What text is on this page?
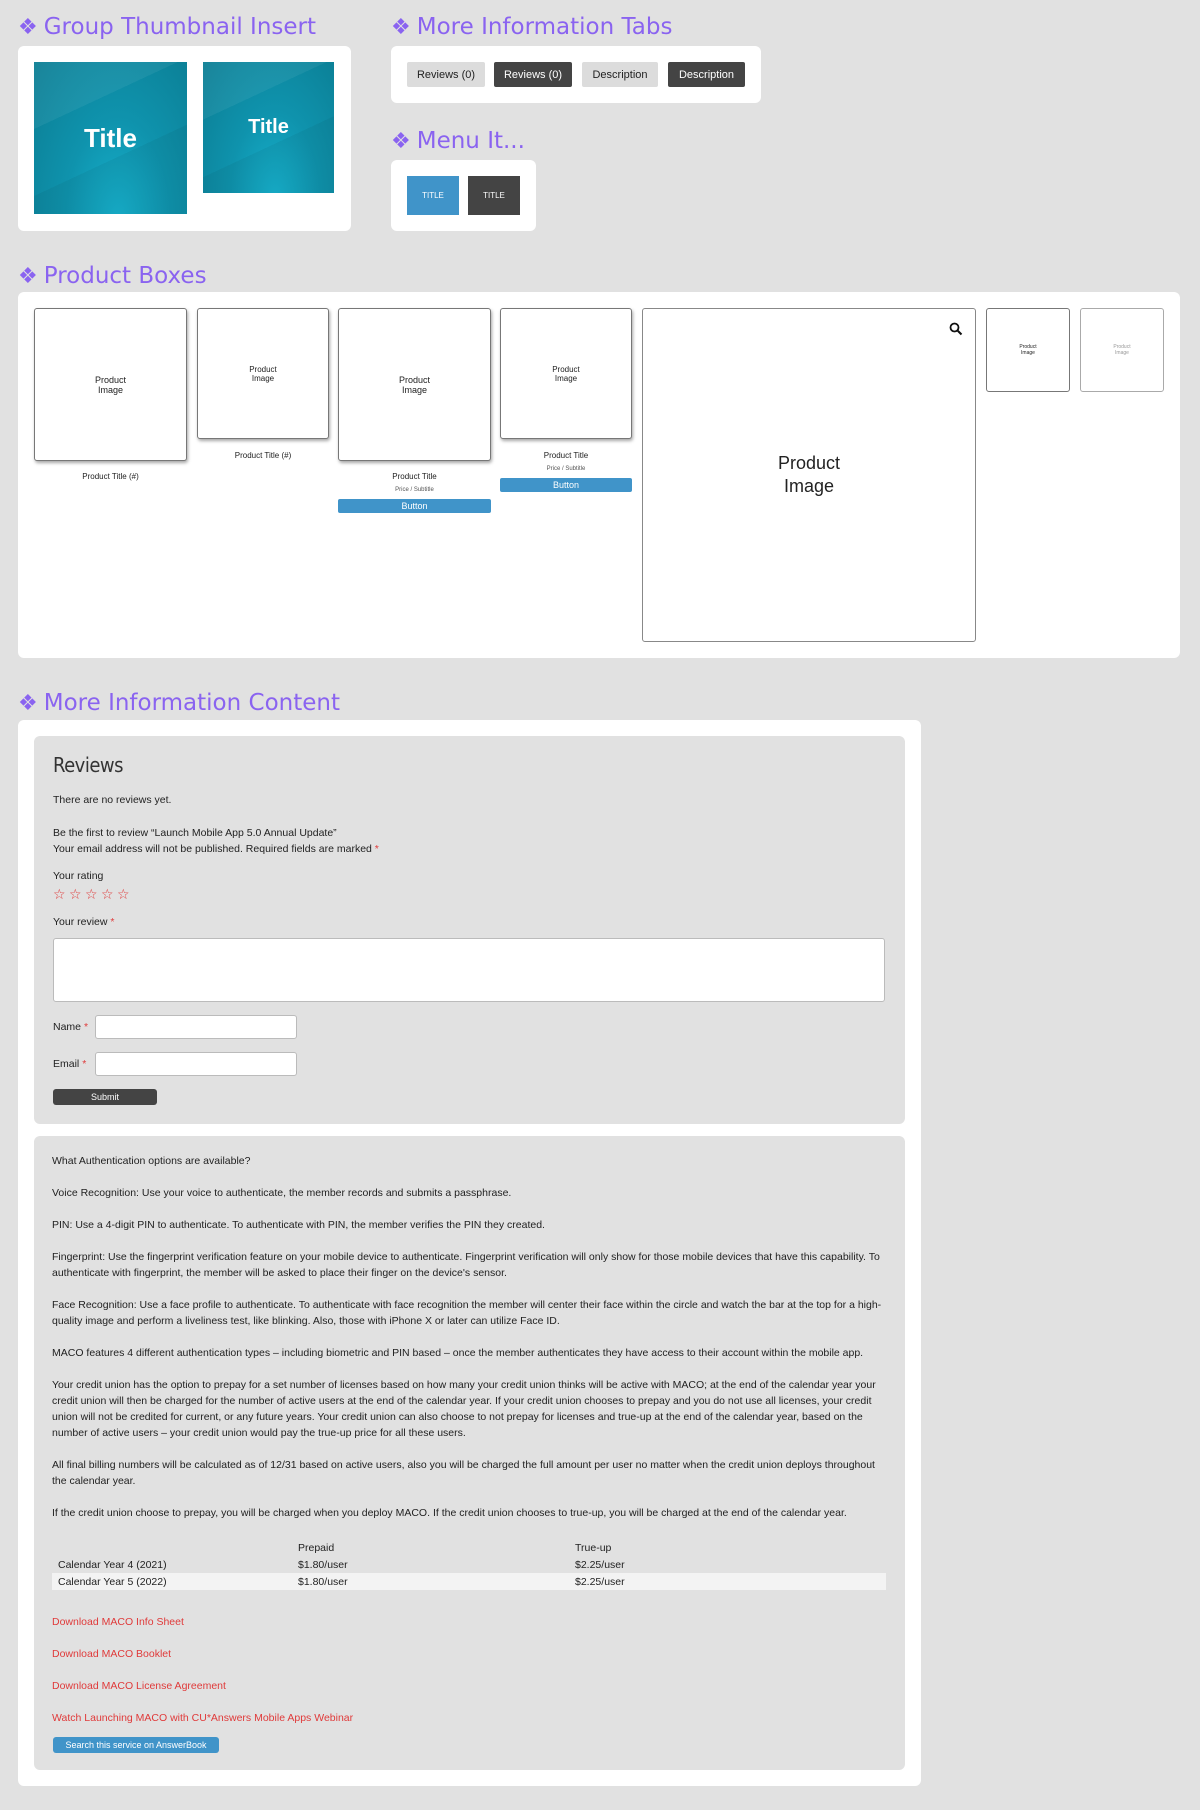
❖ Group Thumbnail Insert
Title	Title
❖ More Information Tabs
Reviews (0)	Reviews (0)	Description	Description
❖ Menu It...
TITLE	TITLE
❖ Product Boxes
Product Image
Product Title (#)
Product Image
Product Title (#)
Product Image
Product Title
Price / Subtitle
Button
Product Image
Product Title
Price / Subtitle
Button
Product Image
Product Image
Product Image
❖ More Information Content
Reviews
There are no reviews yet.
Be the first to review “Launch Mobile App 5.0 Annual Update”
Your email address will not be published. Required fields are marked *
Your rating
☆ ☆ ☆ ☆ ☆
Your review *
Name *
Email *
Submit

What Authentication options are available?

Voice Recognition: Use your voice to authenticate, the member records and submits a passphrase.

PIN: Use a 4-digit PIN to authenticate. To authenticate with PIN, the member verifies the PIN they created.

Fingerprint: Use the fingerprint verification feature on your mobile device to authenticate. Fingerprint verification will only show for those mobile devices that have this capability. To authenticate with fingerprint, the member will be asked to place their finger on the device's sensor.

Face Recognition: Use a face profile to authenticate. To authenticate with face recognition the member will center their face within the circle and watch the bar at the top for a high-quality image and perform a liveliness test, like blinking. Also, those with iPhone X or later can utilize Face ID.

MACO features 4 different authentication types – including biometric and PIN based – once the member authenticates they have access to their account within the mobile app.

Your credit union has the option to prepay for a set number of licenses based on how many your credit union thinks will be active with MACO; at the end of the calendar year your credit union will then be charged for the number of active users at the end of the calendar year. If your credit union chooses to prepay and you do not use all licenses, your credit union will not be credited for current, or any future years. Your credit union can also choose to not prepay for licenses and true-up at the end of the calendar year, based on the number of active users – your credit union would pay the true-up price for all these users.

All final billing numbers will be calculated as of 12/31 based on active users, also you will be charged the full amount per user no matter when the credit union deploys throughout the calendar year.

If the credit union choose to prepay, you will be charged when you deploy MACO. If the credit union chooses to true-up, you will be charged at the end of the calendar year.

	Prepaid	True-up
Calendar Year 4 (2021)	$1.80/user	$2.25/user
Calendar Year 5 (2022)	$1.80/user	$2.25/user
Download MACO Info Sheet
Download MACO Booklet
Download MACO License Agreement
Watch Launching MACO with CU*Answers Mobile Apps Webinar
Search this service on AnswerBook
